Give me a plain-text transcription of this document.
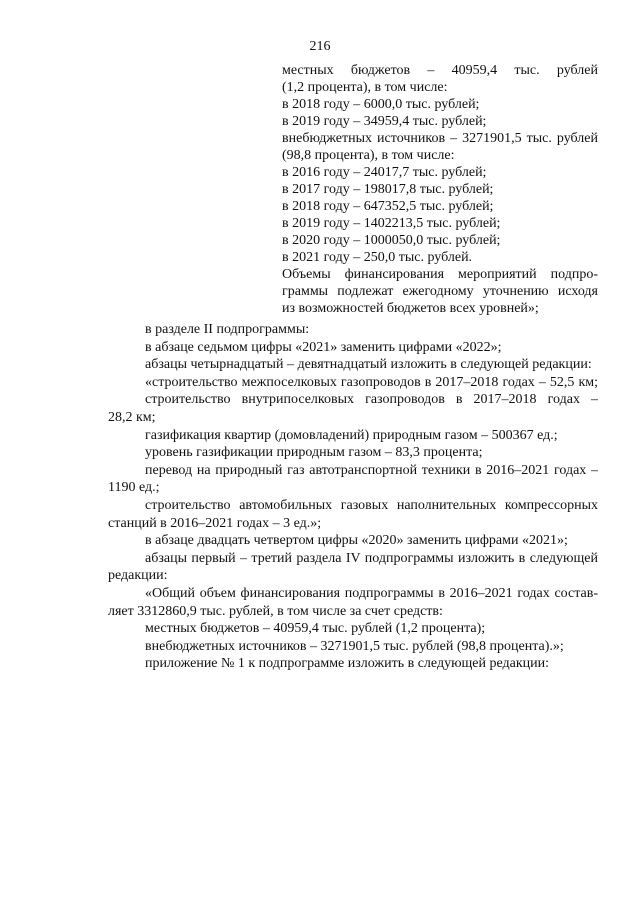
216
местных бюджетов – 40959,4 тыс. рублей
(1,2 процента), в том числе:
в 2018 году – 6000,0 тыс. рублей;
в 2019 году – 34959,4 тыс. рублей;
внебюджетных источников – 3271901,5 тыс. рублей
(98,8 процента), в том числе:
в 2016 году – 24017,7 тыс. рублей;
в 2017 году – 198017,8 тыс. рублей;
в 2018 году – 647352,5 тыс. рублей;
в 2019 году – 1402213,5 тыс. рублей;
в 2020 году – 1000050,0 тыс. рублей;
в 2021 году – 250,0 тыс. рублей.
Объемы финансирования мероприятий подпро-
граммы подлежат ежегодному уточнению исходя
из возможностей бюджетов всех уровней»;
в разделе II подпрограммы:
в абзаце седьмом цифры «2021» заменить цифрами «2022»;
абзацы четырнадцатый – девятнадцатый изложить в следующей редакции:
«строительство межпоселковых газопроводов в 2017–2018 годах – 52,5 км;
строительство внутрипоселковых газопроводов в 2017–2018 годах –
28,2 км;
газификация квартир (домовладений) природным газом – 500367 ед.;
уровень газификации природным газом – 83,3 процента;
перевод на природный газ автотранспортной техники в 2016–2021 годах –
1190 ед.;
строительство автомобильных газовых наполнительных компрессорных
станций в 2016–2021 годах – 3 ед.»;
в абзаце двадцать четвертом цифры «2020» заменить цифрами «2021»;
абзацы первый – третий раздела IV подпрограммы изложить в следующей
редакции:
«Общий объем финансирования подпрограммы в 2016–2021 годах состав-
ляет 3312860,9 тыс. рублей, в том числе за счет средств:
местных бюджетов – 40959,4 тыс. рублей (1,2 процента);
внебюджетных источников – 3271901,5 тыс. рублей (98,8 процента).»;
приложение № 1 к подпрограмме изложить в следующей редакции:
